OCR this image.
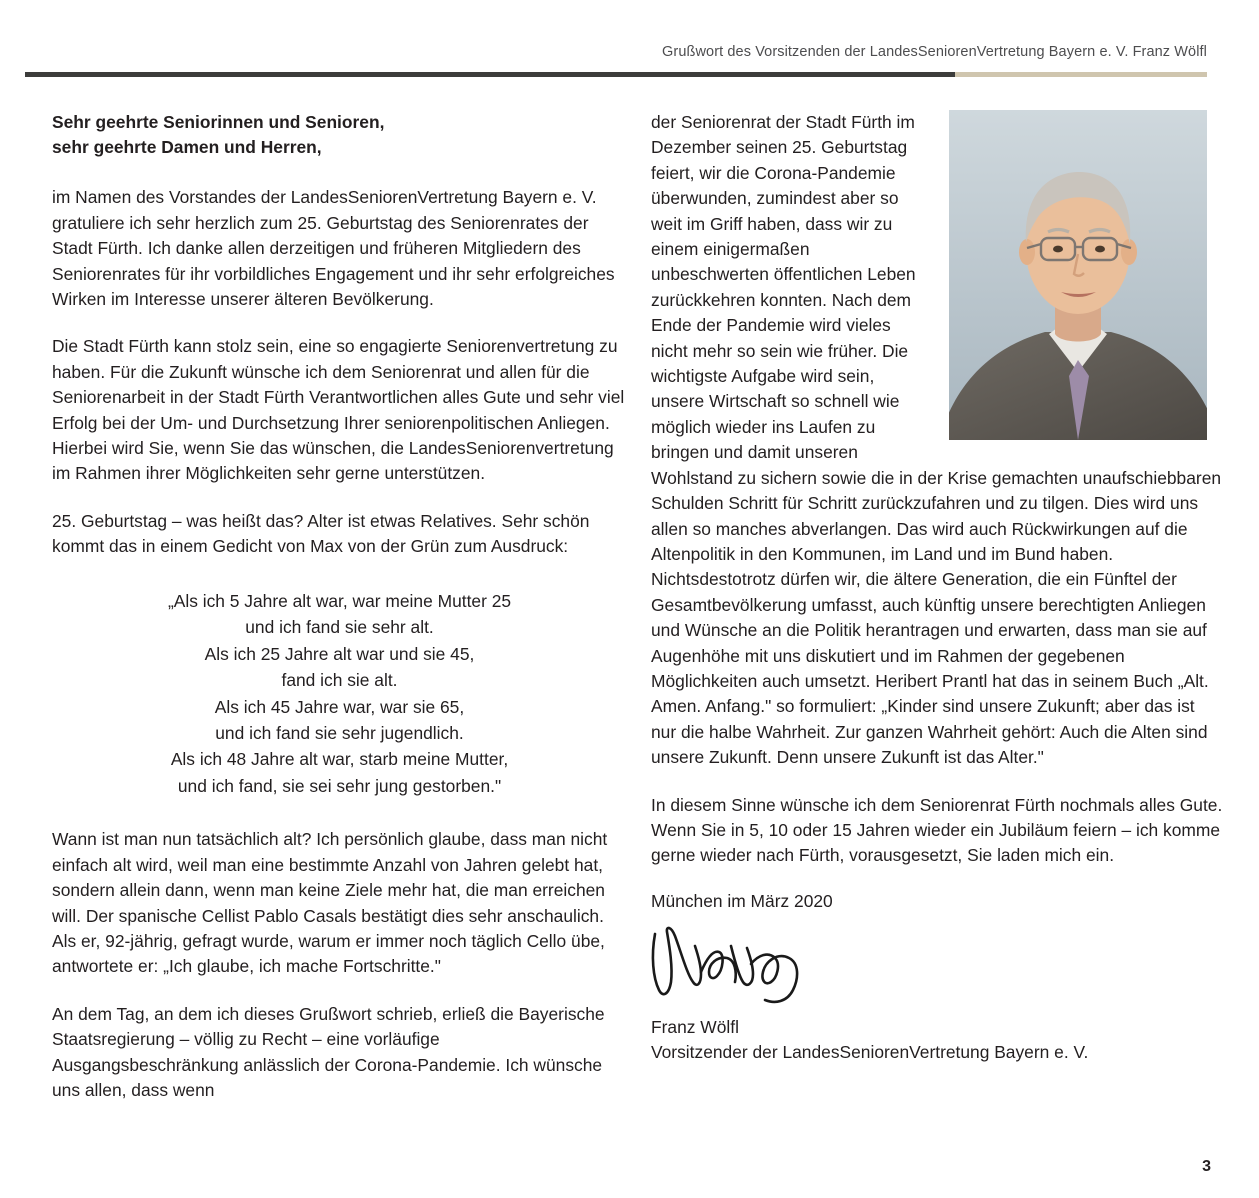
Grußwort des Vorsitzenden der LandesSeniorenVertretung Bayern e. V. Franz Wölfl

Sehr geehrte Seniorinnen und Senioren,
sehr geehrte Damen und Herren,

im Namen des Vorstandes der LandesSeniorenVertretung Bayern e. V. gratuliere ich sehr herzlich zum 25. Geburtstag des Seniorenrates der Stadt Fürth. Ich danke allen derzeitigen und früheren Mitgliedern des Seniorenrates für ihr vorbildliches Engagement und ihr sehr erfolgreiches Wirken im Interesse unserer älteren Bevölkerung.

Die Stadt Fürth kann stolz sein, eine so engagierte Seniorenvertretung zu haben. Für die Zukunft wünsche ich dem Seniorenrat und allen für die Seniorenarbeit in der Stadt Fürth Verantwortlichen alles Gute und sehr viel Erfolg bei der Um- und Durchsetzung Ihrer seniorenpolitischen Anliegen. Hierbei wird Sie, wenn Sie das wünschen, die LandesSeniorenvertretung im Rahmen ihrer Möglichkeiten sehr gerne unterstützen.

25. Geburtstag – was heißt das? Alter ist etwas Relatives. Sehr schön kommt das in einem Gedicht von Max von der Grün zum Ausdruck:

„Als ich 5 Jahre alt war, war meine Mutter 25
und ich fand sie sehr alt.
Als ich 25 Jahre alt war und sie 45,
fand ich sie alt.
Als ich 45 Jahre war, war sie 65,
und ich fand sie sehr jugendlich.
Als ich 48 Jahre alt war, starb meine Mutter,
und ich fand, sie sei sehr jung gestorben."

Wann ist man nun tatsächlich alt? Ich persönlich glaube, dass man nicht einfach alt wird, weil man eine bestimmte Anzahl von Jahren gelebt hat, sondern allein dann, wenn man keine Ziele mehr hat, die man erreichen will. Der spanische Cellist Pablo Casals bestätigt dies sehr anschaulich. Als er, 92-jährig, gefragt wurde, warum er immer noch täglich Cello übe, antwortete er: „Ich glaube, ich mache Fortschritte."

An dem Tag, an dem ich dieses Grußwort schrieb, erließ die Bayerische Staatsregierung – völlig zu Recht – eine vorläufige Ausgangsbeschränkung anlässlich der Corona-Pandemie. Ich wünsche uns allen, dass wenn

der Seniorenrat der Stadt Fürth im Dezember seinen 25. Geburtstag feiert, wir die Corona-Pandemie überwunden, zumindest aber so weit im Griff haben, dass wir zu einem einigermaßen unbeschwerten öffentlichen Leben zurückkehren konnten. Nach dem Ende der Pandemie wird vieles nicht mehr so sein wie früher. Die wichtigste Aufgabe wird sein, unsere Wirtschaft so schnell wie möglich wieder ins Laufen zu bringen und damit unseren Wohlstand zu sichern sowie die in der Krise gemachten unaufschiebbaren Schulden Schritt für Schritt zurückzufahren und zu tilgen. Dies wird uns allen so manches abverlangen. Das wird auch Rückwirkungen auf die Altenpolitik in den Kommunen, im Land und im Bund haben. Nichtsdestotrotz dürfen wir, die ältere Generation, die ein Fünftel der Gesamtbevölkerung umfasst, auch künftig unsere berechtigten Anliegen und Wünsche an die Politik herantragen und erwarten, dass man sie auf Augenhöhe mit uns diskutiert und im Rahmen der gegebenen Möglichkeiten auch umsetzt. Heribert Prantl hat das in seinem Buch „Alt. Amen. Anfang." so formuliert: „Kinder sind unsere Zukunft; aber das ist nur die halbe Wahrheit. Zur ganzen Wahrheit gehört: Auch die Alten sind unsere Zukunft. Denn unsere Zukunft ist das Alter."

In diesem Sinne wünsche ich dem Seniorenrat Fürth nochmals alles Gute. Wenn Sie in 5, 10 oder 15 Jahren wieder ein Jubiläum feiern – ich komme gerne wieder nach Fürth, vorausgesetzt, Sie laden mich ein.

München im März 2020
Franz Wölfl
Vorsitzender der LandesSeniorenVertretung Bayern e. V.
3
